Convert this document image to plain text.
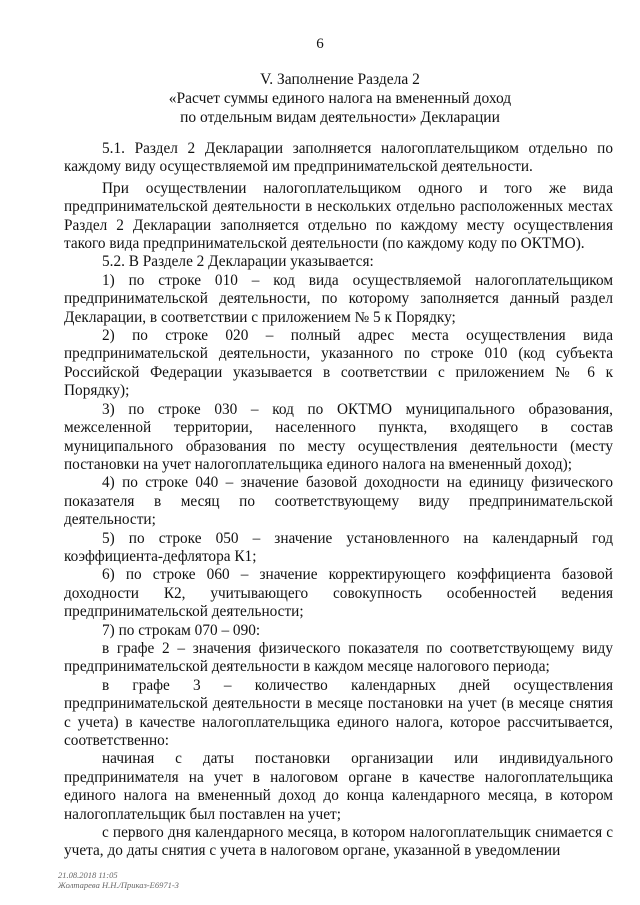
6
V. Заполнение Раздела 2
«Расчет суммы единого налога на вмененный доход
по отдельным видам деятельности» Декларации

5.1. Раздел 2 Декларации заполняется налогоплательщиком отдельно по каждому виду осуществляемой им предпринимательской деятельности.

При осуществлении налогоплательщиком одного и того же вида предпринимательской деятельности в нескольких отдельно расположенных местах Раздел 2 Декларации заполняется отдельно по каждому месту осуществления такого вида предпринимательской деятельности (по каждому коду по ОКТМО).

5.2. В Разделе 2 Декларации указывается:

1) по строке 010 – код вида осуществляемой налогоплательщиком предпринимательской деятельности, по которому заполняется данный раздел Декларации, в соответствии с приложением № 5 к Порядку;

2) по строке 020 – полный адрес места осуществления вида предпринимательской деятельности, указанного по строке 010 (код субъекта Российской Федерации указывается в соответствии с приложением № 6 к Порядку);

3) по строке 030 – код по ОКТМО муниципального образования, межселенной территории, населенного пункта, входящего в состав муниципального образования по месту осуществления деятельности (месту постановки на учет налогоплательщика единого налога на вмененный доход);

4) по строке 040 – значение базовой доходности на единицу физического показателя в месяц по соответствующему виду предпринимательской деятельности;

5) по строке 050 – значение установленного на календарный год коэффициента-дефлятора К1;

6) по строке 060 – значение корректирующего коэффициента базовой доходности К2, учитывающего совокупность особенностей ведения предпринимательской деятельности;

7) по строкам 070 – 090:

в графе 2 – значения физического показателя по соответствующему виду предпринимательской деятельности в каждом месяце налогового периода;

в графе 3 – количество календарных дней осуществления предпринимательской деятельности в месяце постановки на учет (в месяце снятия с учета) в качестве налогоплательщика единого налога, которое рассчитывается, соответственно:

начиная с даты постановки организации или индивидуального предпринимателя на учет в налоговом органе в качестве налогоплательщика единого налога на вмененный доход до конца календарного месяца, в котором налогоплательщик был поставлен на учет;

с первого дня календарного месяца, в котором налогоплательщик снимается с учета, до даты снятия с учета в налоговом органе, указанной в уведомлении

21.08.2018 11:05
Жолтарева Н.Н./Приказ-Е6971-3
